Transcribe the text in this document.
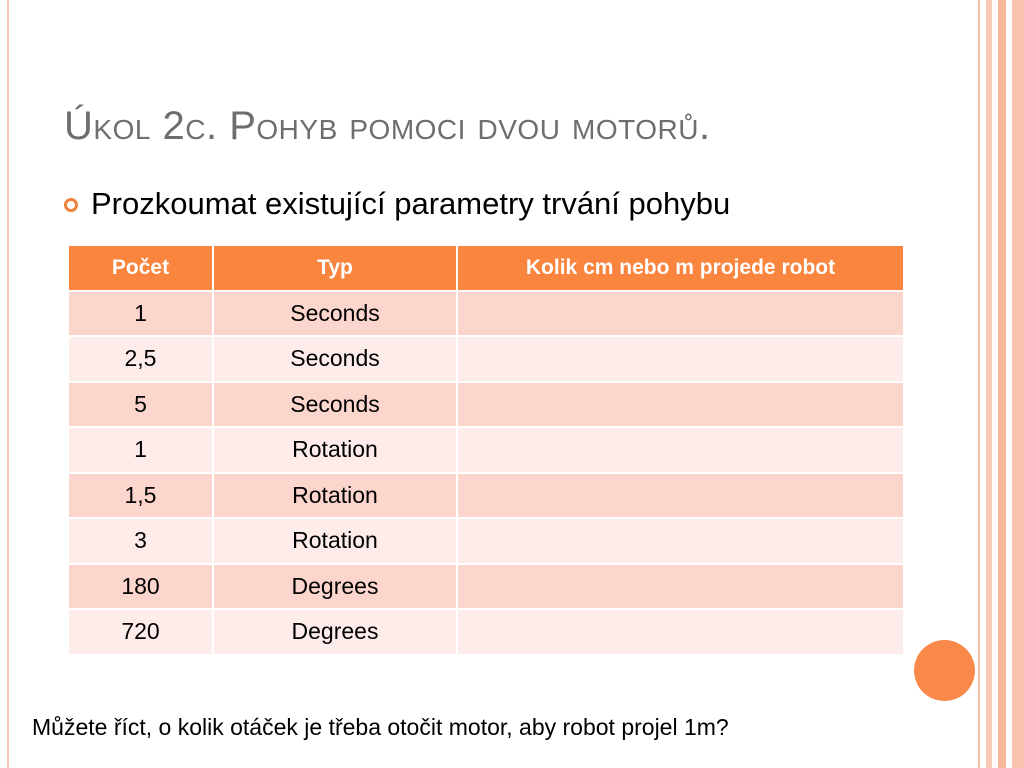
Úkol 2c. Pohyb pomoci dvou motorů.
Prozkoumat existující parametry trvání pohybu
Počet	Typ	Kolik cm nebo m projede robot
1	Seconds	
2,5	Seconds	
5	Seconds	
1	Rotation	
1,5	Rotation	
3	Rotation	
180	Degrees	
720	Degrees	
Můžete říct, o kolik otáček je třeba otočit motor, aby robot projel 1m?
